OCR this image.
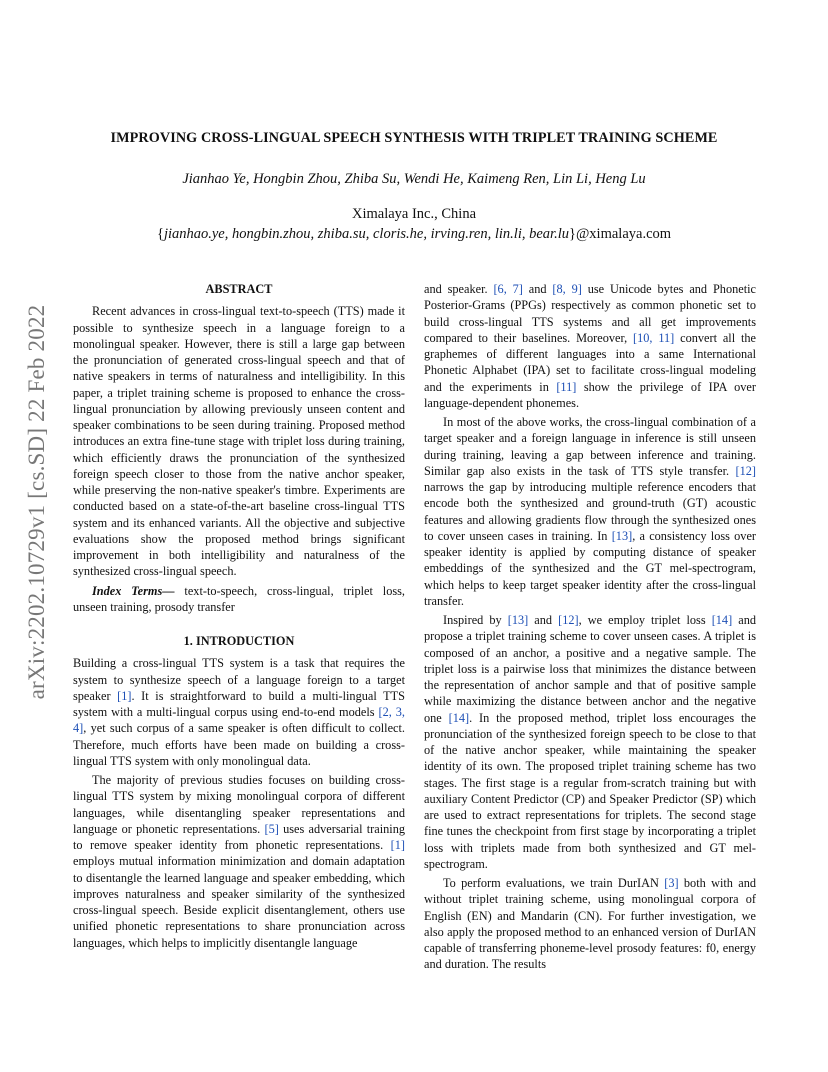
arXiv:2202.10729v1 [cs.SD] 22 Feb 2022
IMPROVING CROSS-LINGUAL SPEECH SYNTHESIS WITH TRIPLET TRAINING SCHEME

Jianhao Ye, Hongbin Zhou, Zhiba Su, Wendi He, Kaimeng Ren, Lin Li, Heng Lu

Ximalaya Inc., China

{jianhao.ye, hongbin.zhou, zhiba.su, cloris.he, irving.ren, lin.li, bear.lu}@ximalaya.com

ABSTRACT

Recent advances in cross-lingual text-to-speech (TTS) made it possible to synthesize speech in a language foreign to a monolingual speaker. However, there is still a large gap between the pronunciation of generated cross-lingual speech and that of native speakers in terms of naturalness and intelligibility. In this paper, a triplet training scheme is proposed to enhance the cross-lingual pronunciation by allowing previously unseen content and speaker combinations to be seen during training. Proposed method introduces an extra fine-tune stage with triplet loss during training, which efficiently draws the pronunciation of the synthesized foreign speech closer to those from the native anchor speaker, while preserving the non-native speaker's timbre. Experiments are conducted based on a state-of-the-art baseline cross-lingual TTS system and its enhanced variants. All the objective and subjective evaluations show the proposed method brings significant improvement in both intelligibility and naturalness of the synthesized cross-lingual speech.

Index Terms— text-to-speech, cross-lingual, triplet loss, unseen training, prosody transfer

1. INTRODUCTION

Building a cross-lingual TTS system is a task that requires the system to synthesize speech of a language foreign to a target speaker [1]. It is straightforward to build a multi-lingual TTS system with a multi-lingual corpus using end-to-end models [2, 3, 4], yet such corpus of a same speaker is often difficult to collect. Therefore, much efforts have been made on building a cross-lingual TTS system with only monolingual data.

The majority of previous studies focuses on building cross-lingual TTS system by mixing monolingual corpora of different languages, while disentangling speaker representations and language or phonetic representations. [5] uses adversarial training to remove speaker identity from phonetic representations. [1] employs mutual information minimization and domain adaptation to disentangle the learned language and speaker embedding, which improves naturalness and speaker similarity of the synthesized cross-lingual speech. Beside explicit disentanglement, others use unified phonetic representations to share pronunciation across languages, which helps to implicitly disentangle language

and speaker. [6, 7] and [8, 9] use Unicode bytes and Phonetic Posterior-Grams (PPGs) respectively as common phonetic set to build cross-lingual TTS systems and all get improvements compared to their baselines. Moreover, [10, 11] convert all the graphemes of different languages into a same International Phonetic Alphabet (IPA) set to facilitate cross-lingual modeling and the experiments in [11] show the privilege of IPA over language-dependent phonemes.

In most of the above works, the cross-lingual combination of a target speaker and a foreign language in inference is still unseen during training, leaving a gap between inference and training. Similar gap also exists in the task of TTS style transfer. [12] narrows the gap by introducing multiple reference encoders that encode both the synthesized and ground-truth (GT) acoustic features and allowing gradients flow through the synthesized ones to cover unseen cases in training. In [13], a consistency loss over speaker identity is applied by computing distance of speaker embeddings of the synthesized and the GT mel-spectrogram, which helps to keep target speaker identity after the cross-lingual transfer.

Inspired by [13] and [12], we employ triplet loss [14] and propose a triplet training scheme to cover unseen cases. A triplet is composed of an anchor, a positive and a negative sample. The triplet loss is a pairwise loss that minimizes the distance between the representation of anchor sample and that of positive sample while maximizing the distance between anchor and the negative one [14]. In the proposed method, triplet loss encourages the pronunciation of the synthesized foreign speech to be close to that of the native anchor speaker, while maintaining the speaker identity of its own. The proposed triplet training scheme has two stages. The first stage is a regular from-scratch training but with auxiliary Content Predictor (CP) and Speaker Predictor (SP) which are used to extract representations for triplets. The second stage fine tunes the checkpoint from first stage by incorporating a triplet loss with triplets made from both synthesized and GT mel-spectrogram.

To perform evaluations, we train DurIAN [3] both with and without triplet training scheme, using monolingual corpora of English (EN) and Mandarin (CN). For further investigation, we also apply the proposed method to an enhanced version of DurIAN capable of transferring phoneme-level prosody features: f0, energy and duration. The results
